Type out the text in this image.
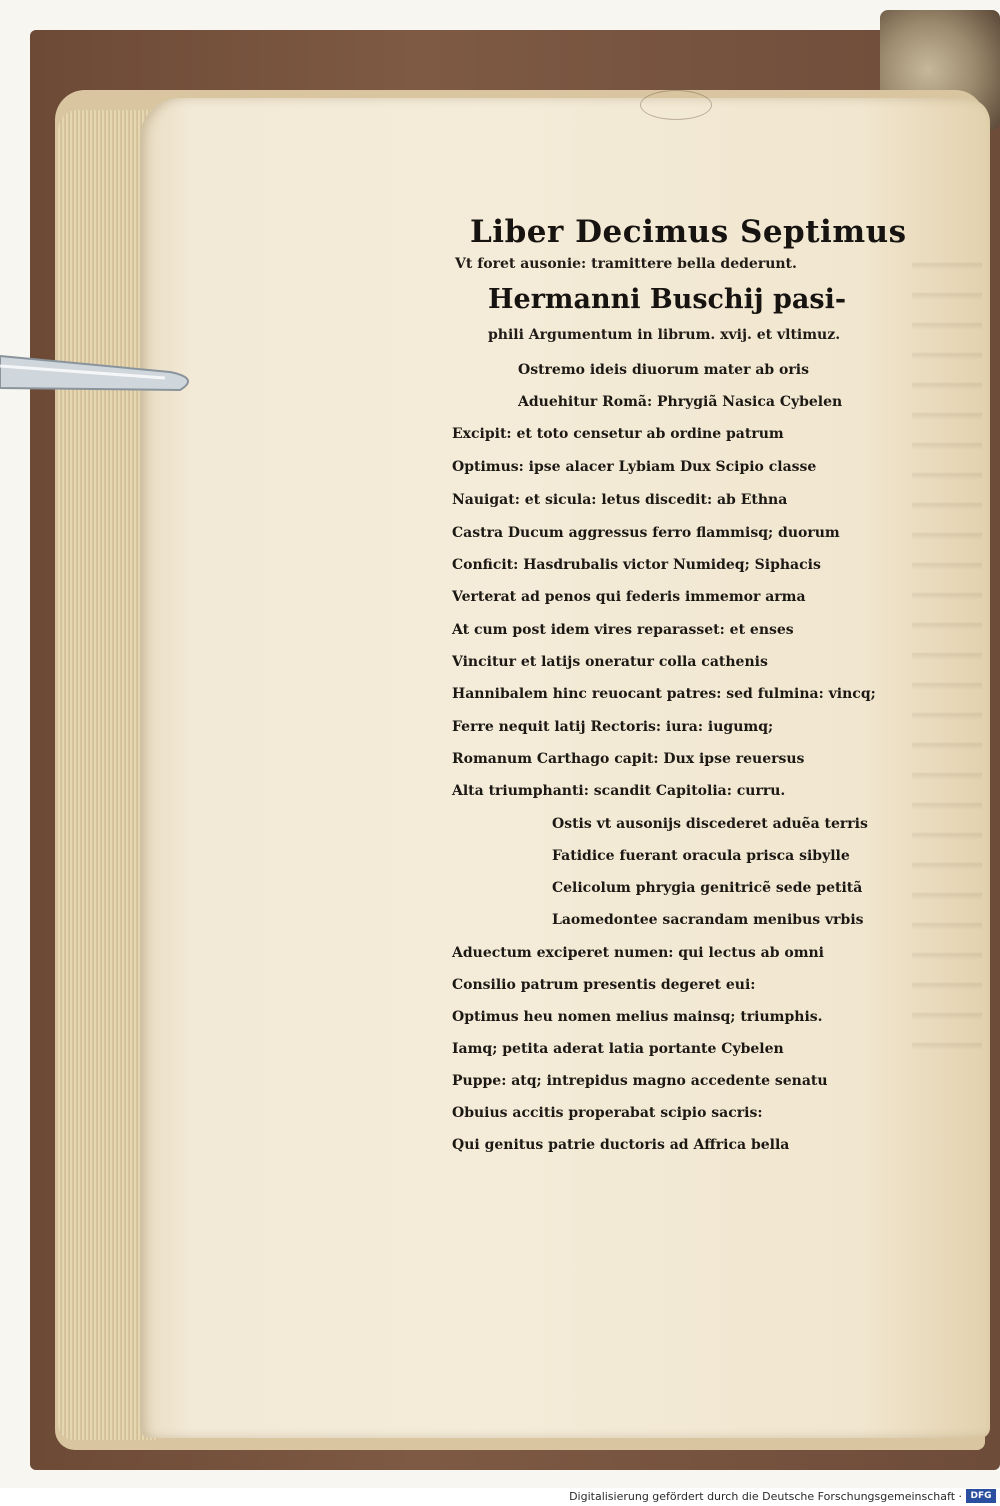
Liber Decimus Septimus
Vt foret ausonie: tramittere bella dederunt.
Hermanni Buschij pasi-
phili Argumentum in librum. xvij. et vltimuz.
Ostremo ideis diuorum mater ab oris
Aduehitur Romã: Phrygiã Nasica Cybelen
Excipit: et toto censetur ab ordine patrum
Optimus: ipse alacer Lybiam Dux Scipio classe
Nauigat: et sicula: letus discedit: ab Ethna
Castra Ducum aggressus ferro flammisq; duorum
Conficit: Hasdrubalis victor Numideq; Siphacis
Verterat ad penos qui federis immemor arma
At cum post idem vires reparasset: et enses
Vincitur et latijs oneratur colla cathenis
Hannibalem hinc reuocant patres: sed fulmina: vincq;
Ferre nequit latij Rectoris: iura: iugumq;
Romanum Carthago capit: Dux ipse reuersus
Alta triumphanti: scandit Capitolia: curru.
Ostis vt ausonijs discederet aduẽa terris
Fatidice fuerant oracula prisca sibylle
Celicolum phrygia genitricẽ sede petitã
Laomedontee sacrandam menibus vrbis
Aduectum exciperet numen: qui lectus ab omni
Consilio patrum presentis degeret eui:
Optimus heu nomen melius mainsq; triumphis.
Iamq; petita aderat latia portante Cybelen
Puppe: atq; intrepidus magno accedente senatu
Obuius accitis properabat scipio sacris:
Qui genitus patrie ductoris ad Affrica bella
Digitalisierung gefördert durch die Deutsche Forschungsgemeinschaft · DFG
